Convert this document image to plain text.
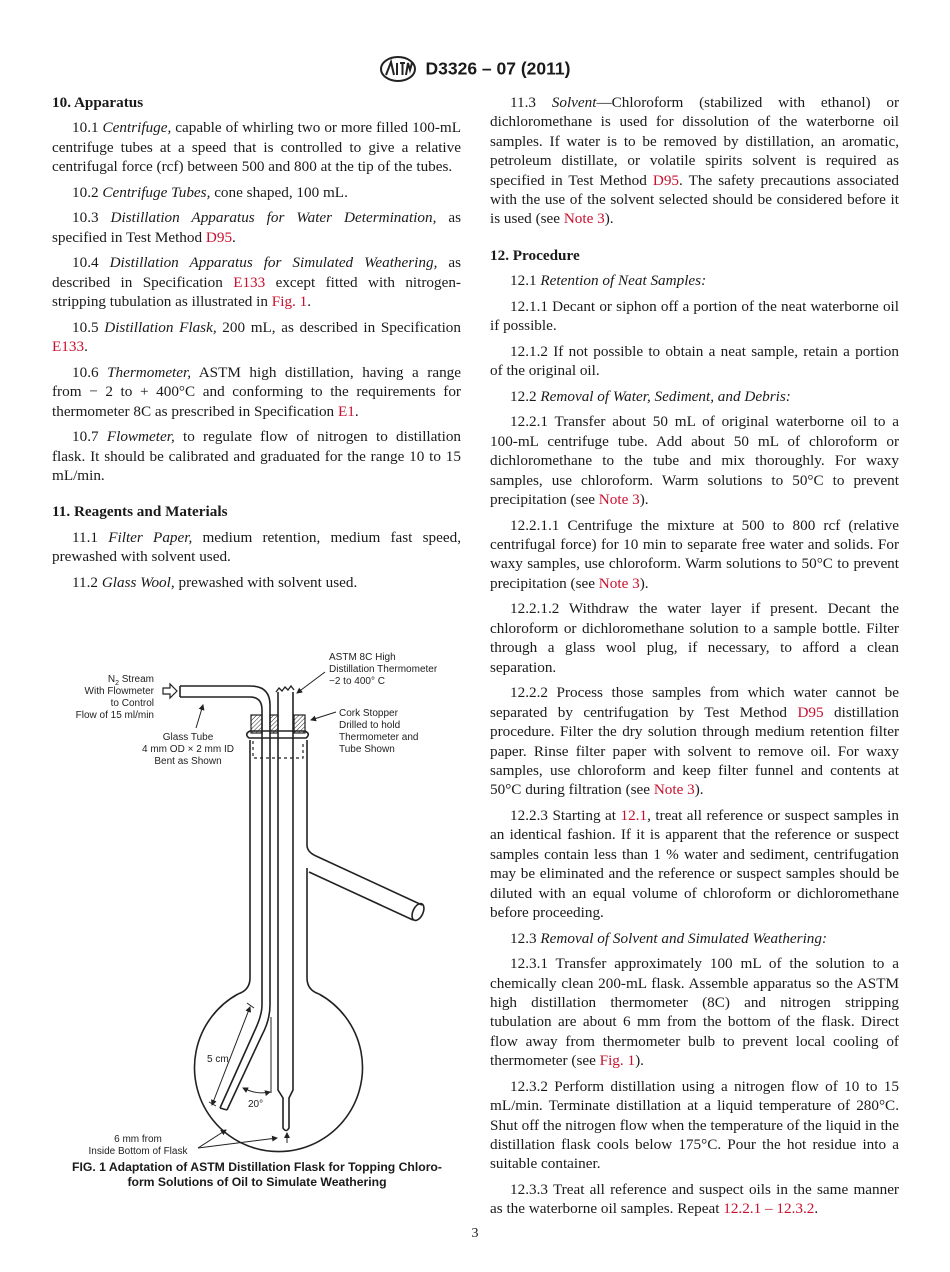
D3326 – 07 (2011)
10. Apparatus

10.1 Centrifuge, capable of whirling two or more filled 100-mL centrifuge tubes at a speed that is controlled to give a relative centrifugal force (rcf) between 500 and 800 at the tip of the tubes.

10.2 Centrifuge Tubes, cone shaped, 100 mL.

10.3 Distillation Apparatus for Water Determination, as specified in Test Method D95.

10.4 Distillation Apparatus for Simulated Weathering, as described in Specification E133 except fitted with nitrogen-stripping tubulation as illustrated in Fig. 1.

10.5 Distillation Flask, 200 mL, as described in Specification E133.

10.6 Thermometer, ASTM high distillation, having a range from − 2 to + 400°C and conforming to the requirements for thermometer 8C as prescribed in Specification E1.

10.7 Flowmeter, to regulate flow of nitrogen to distillation flask. It should be calibrated and graduated for the range 10 to 15 mL/min.

11. Reagents and Materials

11.1 Filter Paper, medium retention, medium fast speed, prewashed with solvent used.

11.2 Glass Wool, prewashed with solvent used.

11.3 Solvent—Chloroform (stabilized with ethanol) or dichloromethane is used for dissolution of the waterborne oil samples. If water is to be removed by distillation, an aromatic, petroleum distillate, or volatile spirits solvent is required as specified in Test Method D95. The safety precautions associated with the use of the solvent selected should be considered before it is used (see Note 3).

12. Procedure

12.1 Retention of Neat Samples:

12.1.1 Decant or siphon off a portion of the neat waterborne oil if possible.

12.1.2 If not possible to obtain a neat sample, retain a portion of the original oil.

12.2 Removal of Water, Sediment, and Debris:

12.2.1 Transfer about 50 mL of original waterborne oil to a 100-mL centrifuge tube. Add about 50 mL of chloroform or dichloromethane to the tube and mix thoroughly. For waxy samples, use chloroform. Warm solutions to 50°C to prevent precipitation (see Note 3).

12.2.1.1 Centrifuge the mixture at 500 to 800 rcf (relative centrifugal force) for 10 min to separate free water and solids. For waxy samples, use chloroform. Warm solutions to 50°C to prevent precipitation (see Note 3).

12.2.1.2 Withdraw the water layer if present. Decant the chloroform or dichloromethane solution to a sample bottle. Filter through a glass wool plug, if necessary, to afford a clean separation.

12.2.2 Process those samples from which water cannot be separated by centrifugation by Test Method D95 distillation procedure. Filter the dry solution through medium retention filter paper. Rinse filter paper with solvent to remove oil. For waxy samples, use chloroform and keep filter funnel and contents at 50°C during filtration (see Note 3).

12.2.3 Starting at 12.1, treat all reference or suspect samples in an identical fashion. If it is apparent that the reference or suspect samples contain less than 1 % water and sediment, centrifugation may be eliminated and the reference or suspect samples should be diluted with an equal volume of chloroform or dichloromethane before proceeding.

12.3 Removal of Solvent and Simulated Weathering:

12.3.1 Transfer approximately 100 mL of the solution to a chemically clean 200-mL flask. Assemble apparatus so the ASTM high distillation thermometer (8C) and nitrogen stripping tubulation are about 6 mm from the bottom of the flask. Direct flow away from thermometer bulb to prevent local cooling of thermometer (see Fig. 1).

12.3.2 Perform distillation using a nitrogen flow of 10 to 15 mL/min. Terminate distillation at a liquid temperature of 280°C. Shut off the nitrogen flow when the temperature of the liquid in the distillation flask cools below 175°C. Pour the hot residue into a suitable container.

12.3.3 Treat all reference and suspect oils in the same manner as the waterborne oil samples. Repeat 12.2.1 – 12.3.2.

$N_2$ Stream With Flowmeter to Control Flow of 15 ml/min
Glass Tube 4 mm OD × 2 mm ID Bent as Shown
ASTM 8C High Distillation Thermometer −2 to 400° C
Cork Stopper Drilled to hold Thermometer and Tube Shown
5 cm
20°
6 mm from Inside Bottom of Flask
FIG. 1 Adaptation of ASTM Distillation Flask for Topping Chloro-
form Solutions of Oil to Simulate Weathering
3
